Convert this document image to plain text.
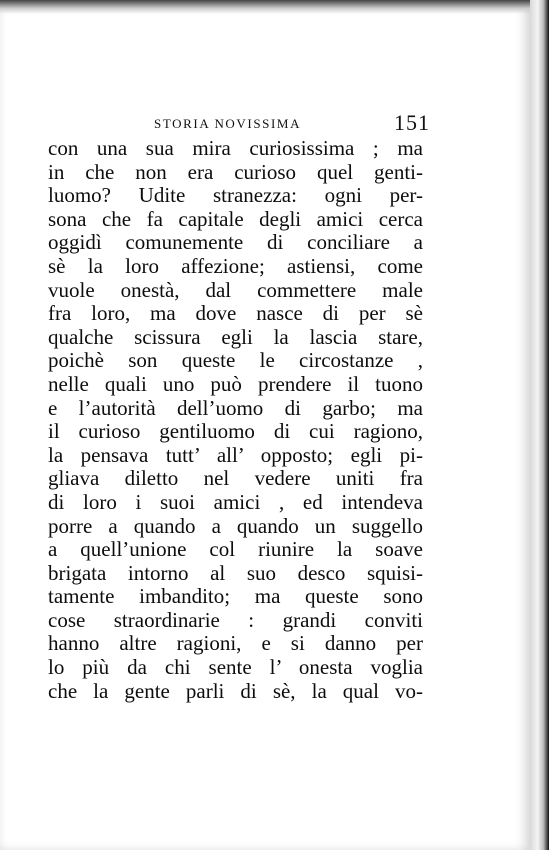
STORIA NOVISSIMA	151
con una sua mira curiosissima ; ma
in che non era curioso quel genti-
luomo? Udite stranezza: ogni per-
sona che fa capitale degli amici cerca
oggidì comunemente di conciliare a
sè la loro affezione; astiensi, come
vuole onestà, dal commettere male
fra loro, ma dove nasce di per sè
qualche scissura egli la lascia stare,
poichè son queste le circostanze ,
nelle quali uno può prendere il tuono
e l’autorità dell’uomo di garbo; ma
il curioso gentiluomo di cui ragiono,
la pensava tutt’ all’ opposto; egli pi-
gliava diletto nel vedere uniti fra
di loro i suoi amici , ed intendeva
porre a quando a quando un suggello
a quell’unione col riunire la soave
brigata intorno al suo desco squisi-
tamente imbandito; ma queste sono
cose straordinarie : grandi conviti
hanno altre ragioni, e si danno per
lo più da chi sente l’ onesta voglia
che la gente parli di sè, la qual vo-
